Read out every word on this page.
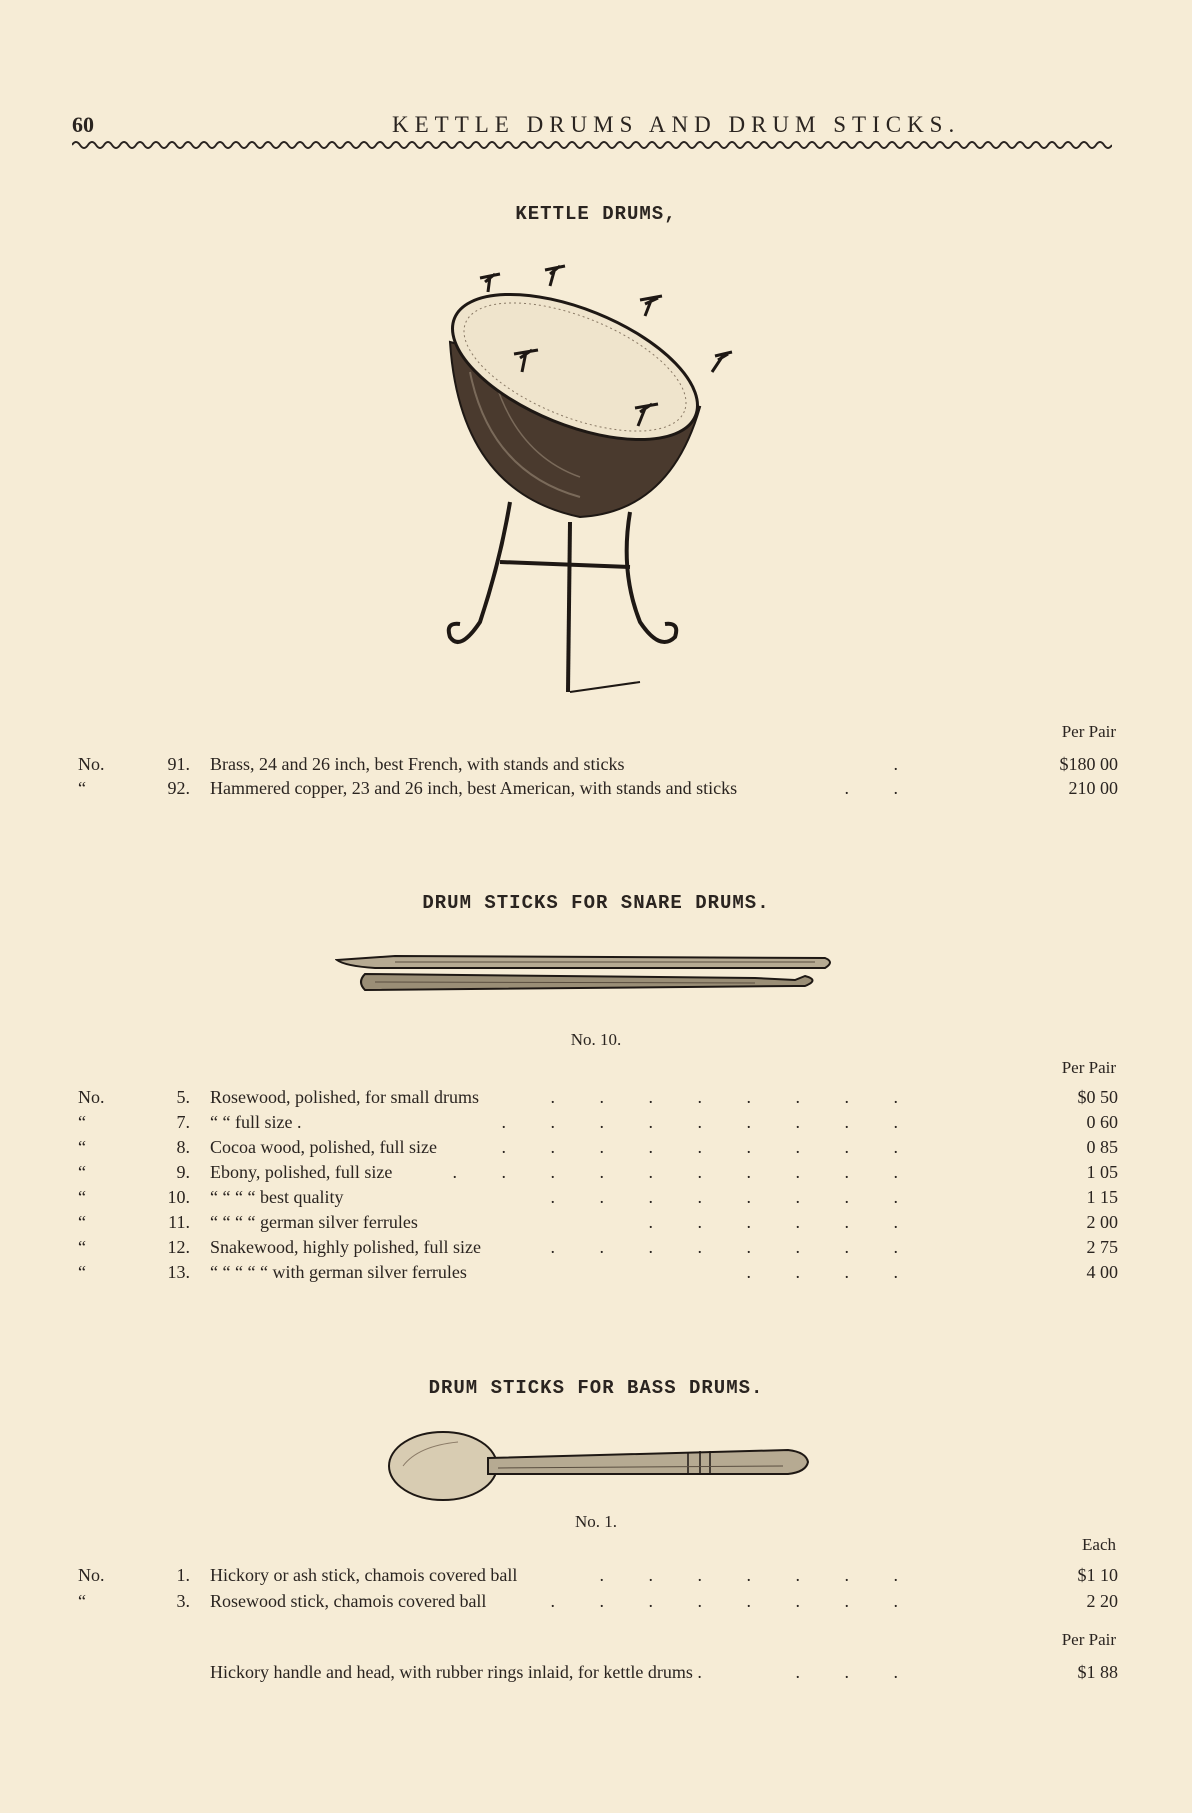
60	KETTLE DRUMS AND DRUM STICKS.
KETTLE DRUMS,
Per Pair
No.	91. Brass, 24 and 26 inch, best French, with stands and sticks	.	$180 00
“	92. Hammered copper, 23 and 26 inch, best American, with stands and sticks	. .	210 00
DRUM STICKS FOR SNARE DRUMS.
No. 10.
Per Pair
No.	5. Rosewood, polished, for small drums	. . . . . . . .	$0 50
“	7. “ “ full size .	. . . . . . . . .	0 60
“	8. Cocoa wood, polished, full size	. . . . . . . . .	0 85
“	9. Ebony, polished, full size	. . . . . . . . . .	1 05
“	10. “ “ “ “ best quality	. . . . . . . .	1 15
“	11. “ “ “ “ german silver ferrules	. . . . . .	2 00
“	12. Snakewood, highly polished, full size	. . . . . . . .	2 75
“	13. “ “ “ “ “ with german silver ferrules	. . . .	4 00
DRUM STICKS FOR BASS DRUMS.
No. 1.
Each
No.	1. Hickory or ash stick, chamois covered ball	. . . . . . .	$1 10
“	3. Rosewood stick, chamois covered ball	. . . . . . . .	2 20
Per Pair
Hickory handle and head, with rubber rings inlaid, for kettle drums .	. . .	$1 88
